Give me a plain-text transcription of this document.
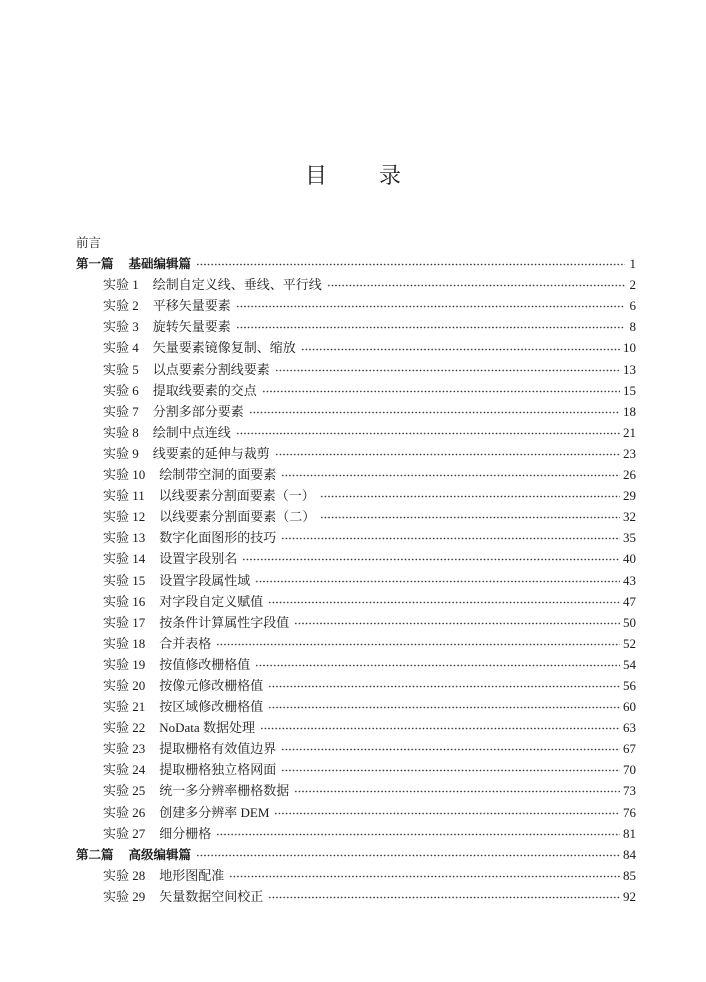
目 录
前言
第一篇 基础编辑篇	1
实验 1 绘制自定义线、垂线、平行线	2
实验 2 平移矢量要素	6
实验 3 旋转矢量要素	8
实验 4 矢量要素镜像复制、缩放	10
实验 5 以点要素分割线要素	13
实验 6 提取线要素的交点	15
实验 7 分割多部分要素	18
实验 8 绘制中点连线	21
实验 9 线要素的延伸与裁剪	23
实验 10 绘制带空洞的面要素	26
实验 11 以线要素分割面要素（一）	29
实验 12 以线要素分割面要素（二）	32
实验 13 数字化面图形的技巧	35
实验 14 设置字段别名	40
实验 15 设置字段属性域	43
实验 16 对字段自定义赋值	47
实验 17 按条件计算属性字段值	50
实验 18 合并表格	52
实验 19 按值修改栅格值	54
实验 20 按像元修改栅格值	56
实验 21 按区域修改栅格值	60
实验 22 NoData 数据处理	63
实验 23 提取栅格有效值边界	67
实验 24 提取栅格独立格网面	70
实验 25 统一多分辨率栅格数据	73
实验 26 创建多分辨率 DEM	76
实验 27 细分栅格	81
第二篇 高级编辑篇	84
实验 28 地形图配准	85
实验 29 矢量数据空间校正	92
